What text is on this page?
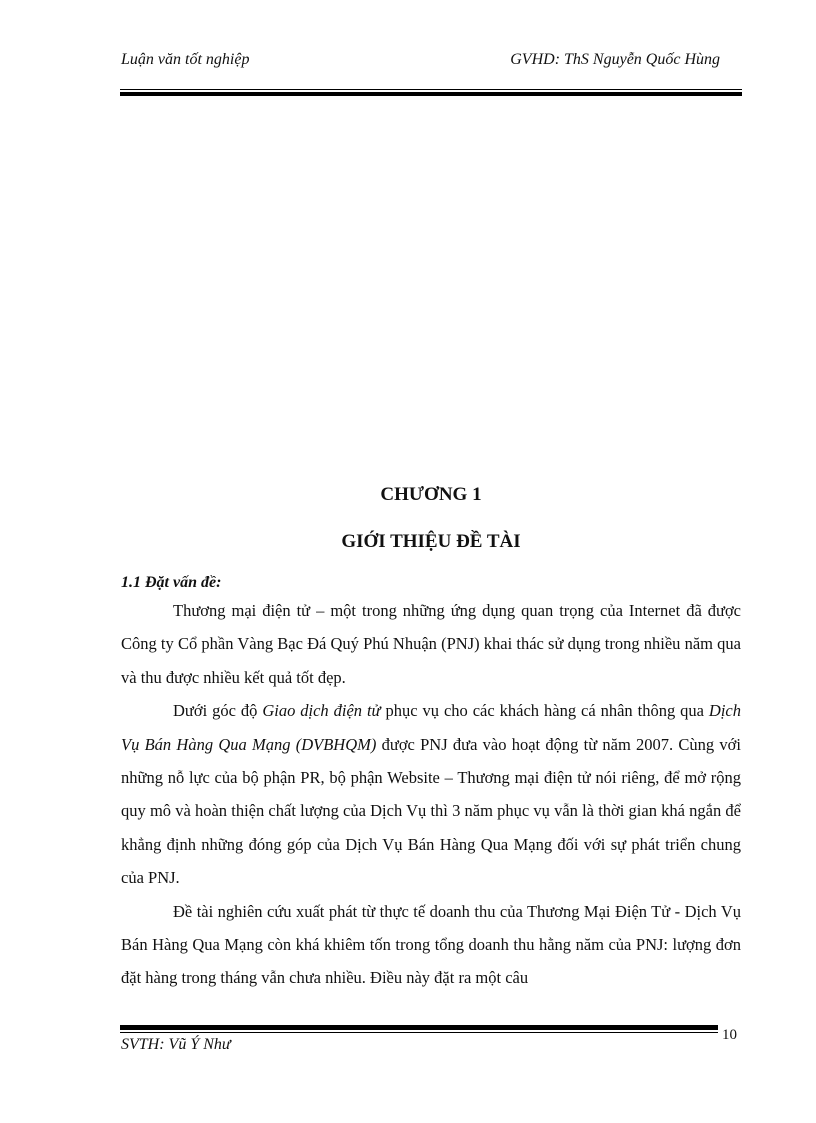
Luận văn tốt nghiệp	GVHD: ThS Nguyễn Quốc Hùng
CHƯƠNG 1
GIỚI THIỆU ĐỀ TÀI
1.1 Đặt vấn đề:

Thương mại điện tử – một trong những ứng dụng quan trọng của Internet đã được Công ty Cổ phần Vàng Bạc Đá Quý Phú Nhuận (PNJ) khai thác sử dụng trong nhiều năm qua và thu được nhiều kết quả tốt đẹp.

Dưới góc độ Giao dịch điện tử phục vụ cho các khách hàng cá nhân thông qua Dịch Vụ Bán Hàng Qua Mạng (DVBHQM) được PNJ đưa vào hoạt động từ năm 2007. Cùng với những nỗ lực của bộ phận PR, bộ phận Website – Thương mại điện tử nói riêng, để mở rộng quy mô và hoàn thiện chất lượng của Dịch Vụ thì 3 năm phục vụ vẫn là thời gian khá ngắn để khẳng định những đóng góp của Dịch Vụ Bán Hàng Qua Mạng đối với sự phát triển chung của PNJ.

Đề tài nghiên cứu xuất phát từ thực tế doanh thu của Thương Mại Điện Tử - Dịch Vụ Bán Hàng Qua Mạng còn khá khiêm tốn trong tổng doanh thu hằng năm của PNJ: lượng đơn đặt hàng trong tháng vẫn chưa nhiều. Điều này đặt ra một câu

SVTH: Vũ Ý Như
10
